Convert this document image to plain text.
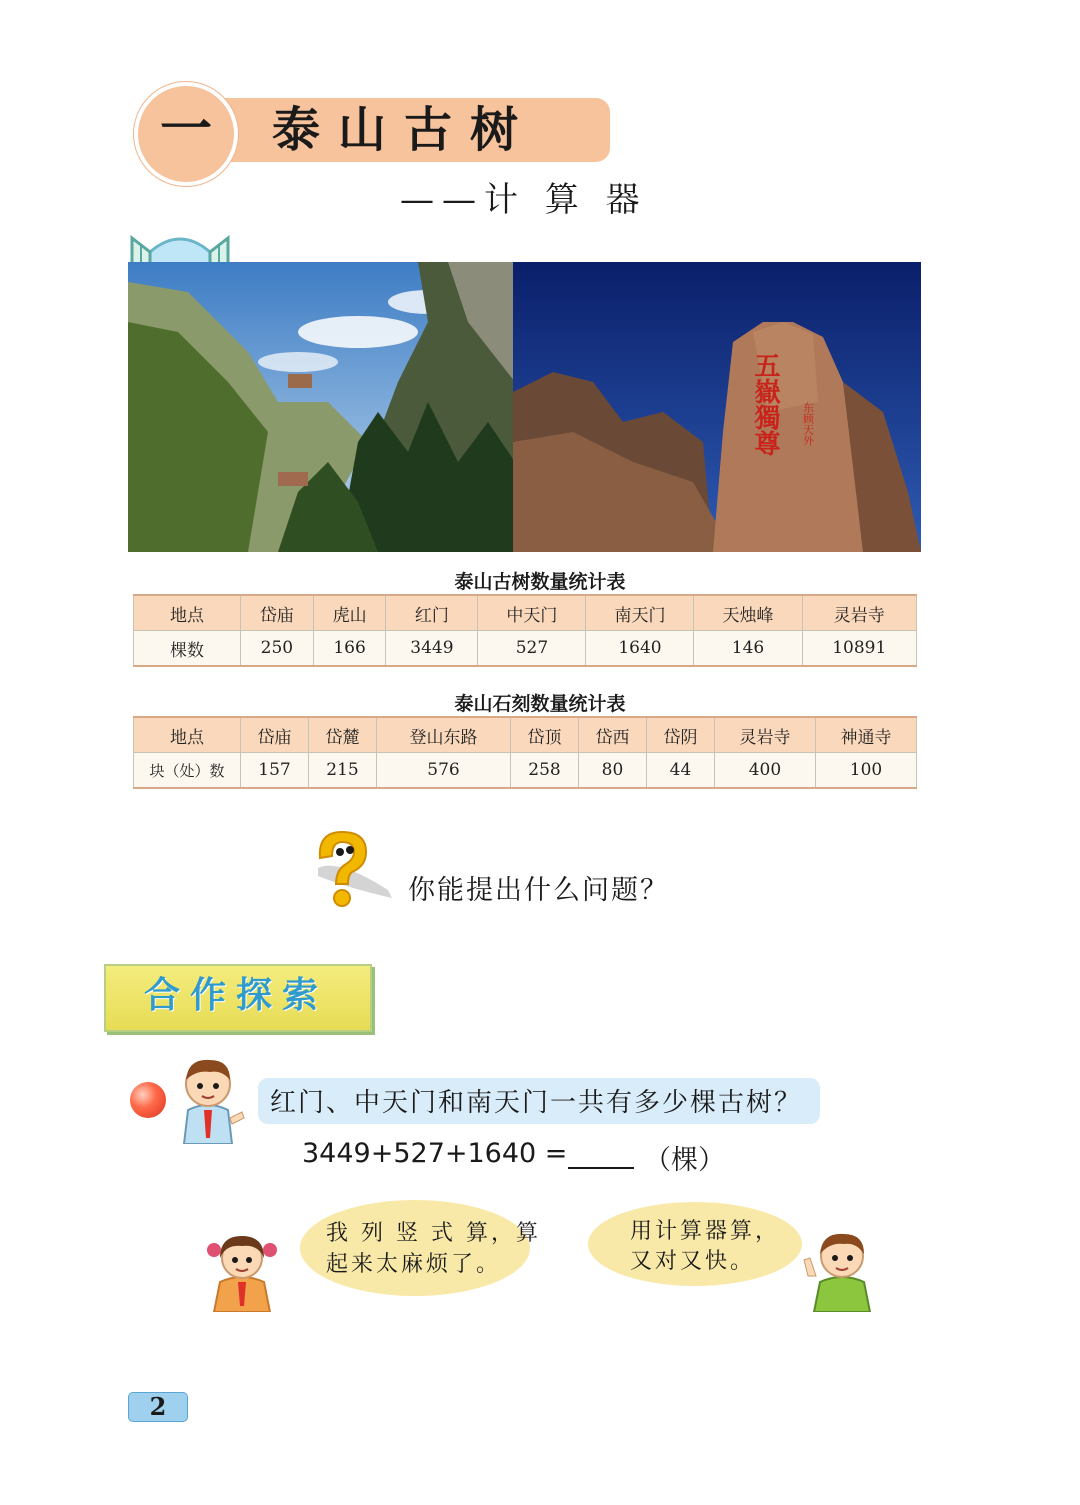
一	泰山古树
——计 算 器
五嶽獨尊 东顾天外
泰山古树数量统计表
地点	岱庙	虎山	红门	中天门	南天门	天烛峰	灵岩寺
棵数	250	166	3449	527	1640	146	10891
泰山石刻数量统计表
地点	岱庙	岱麓	登山东路	岱顶	岱西	岱阴	灵岩寺	神通寺
块（处）数	157	215	576	258	80	44	400	100
你能提出什么问题？
合作探索
红门、中天门和南天门一共有多少棵古树？
3449+527+1640 =	（棵）
我 列 竖 式 算，算
起来太麻烦了。
用计算器算，
又对又快。
2
